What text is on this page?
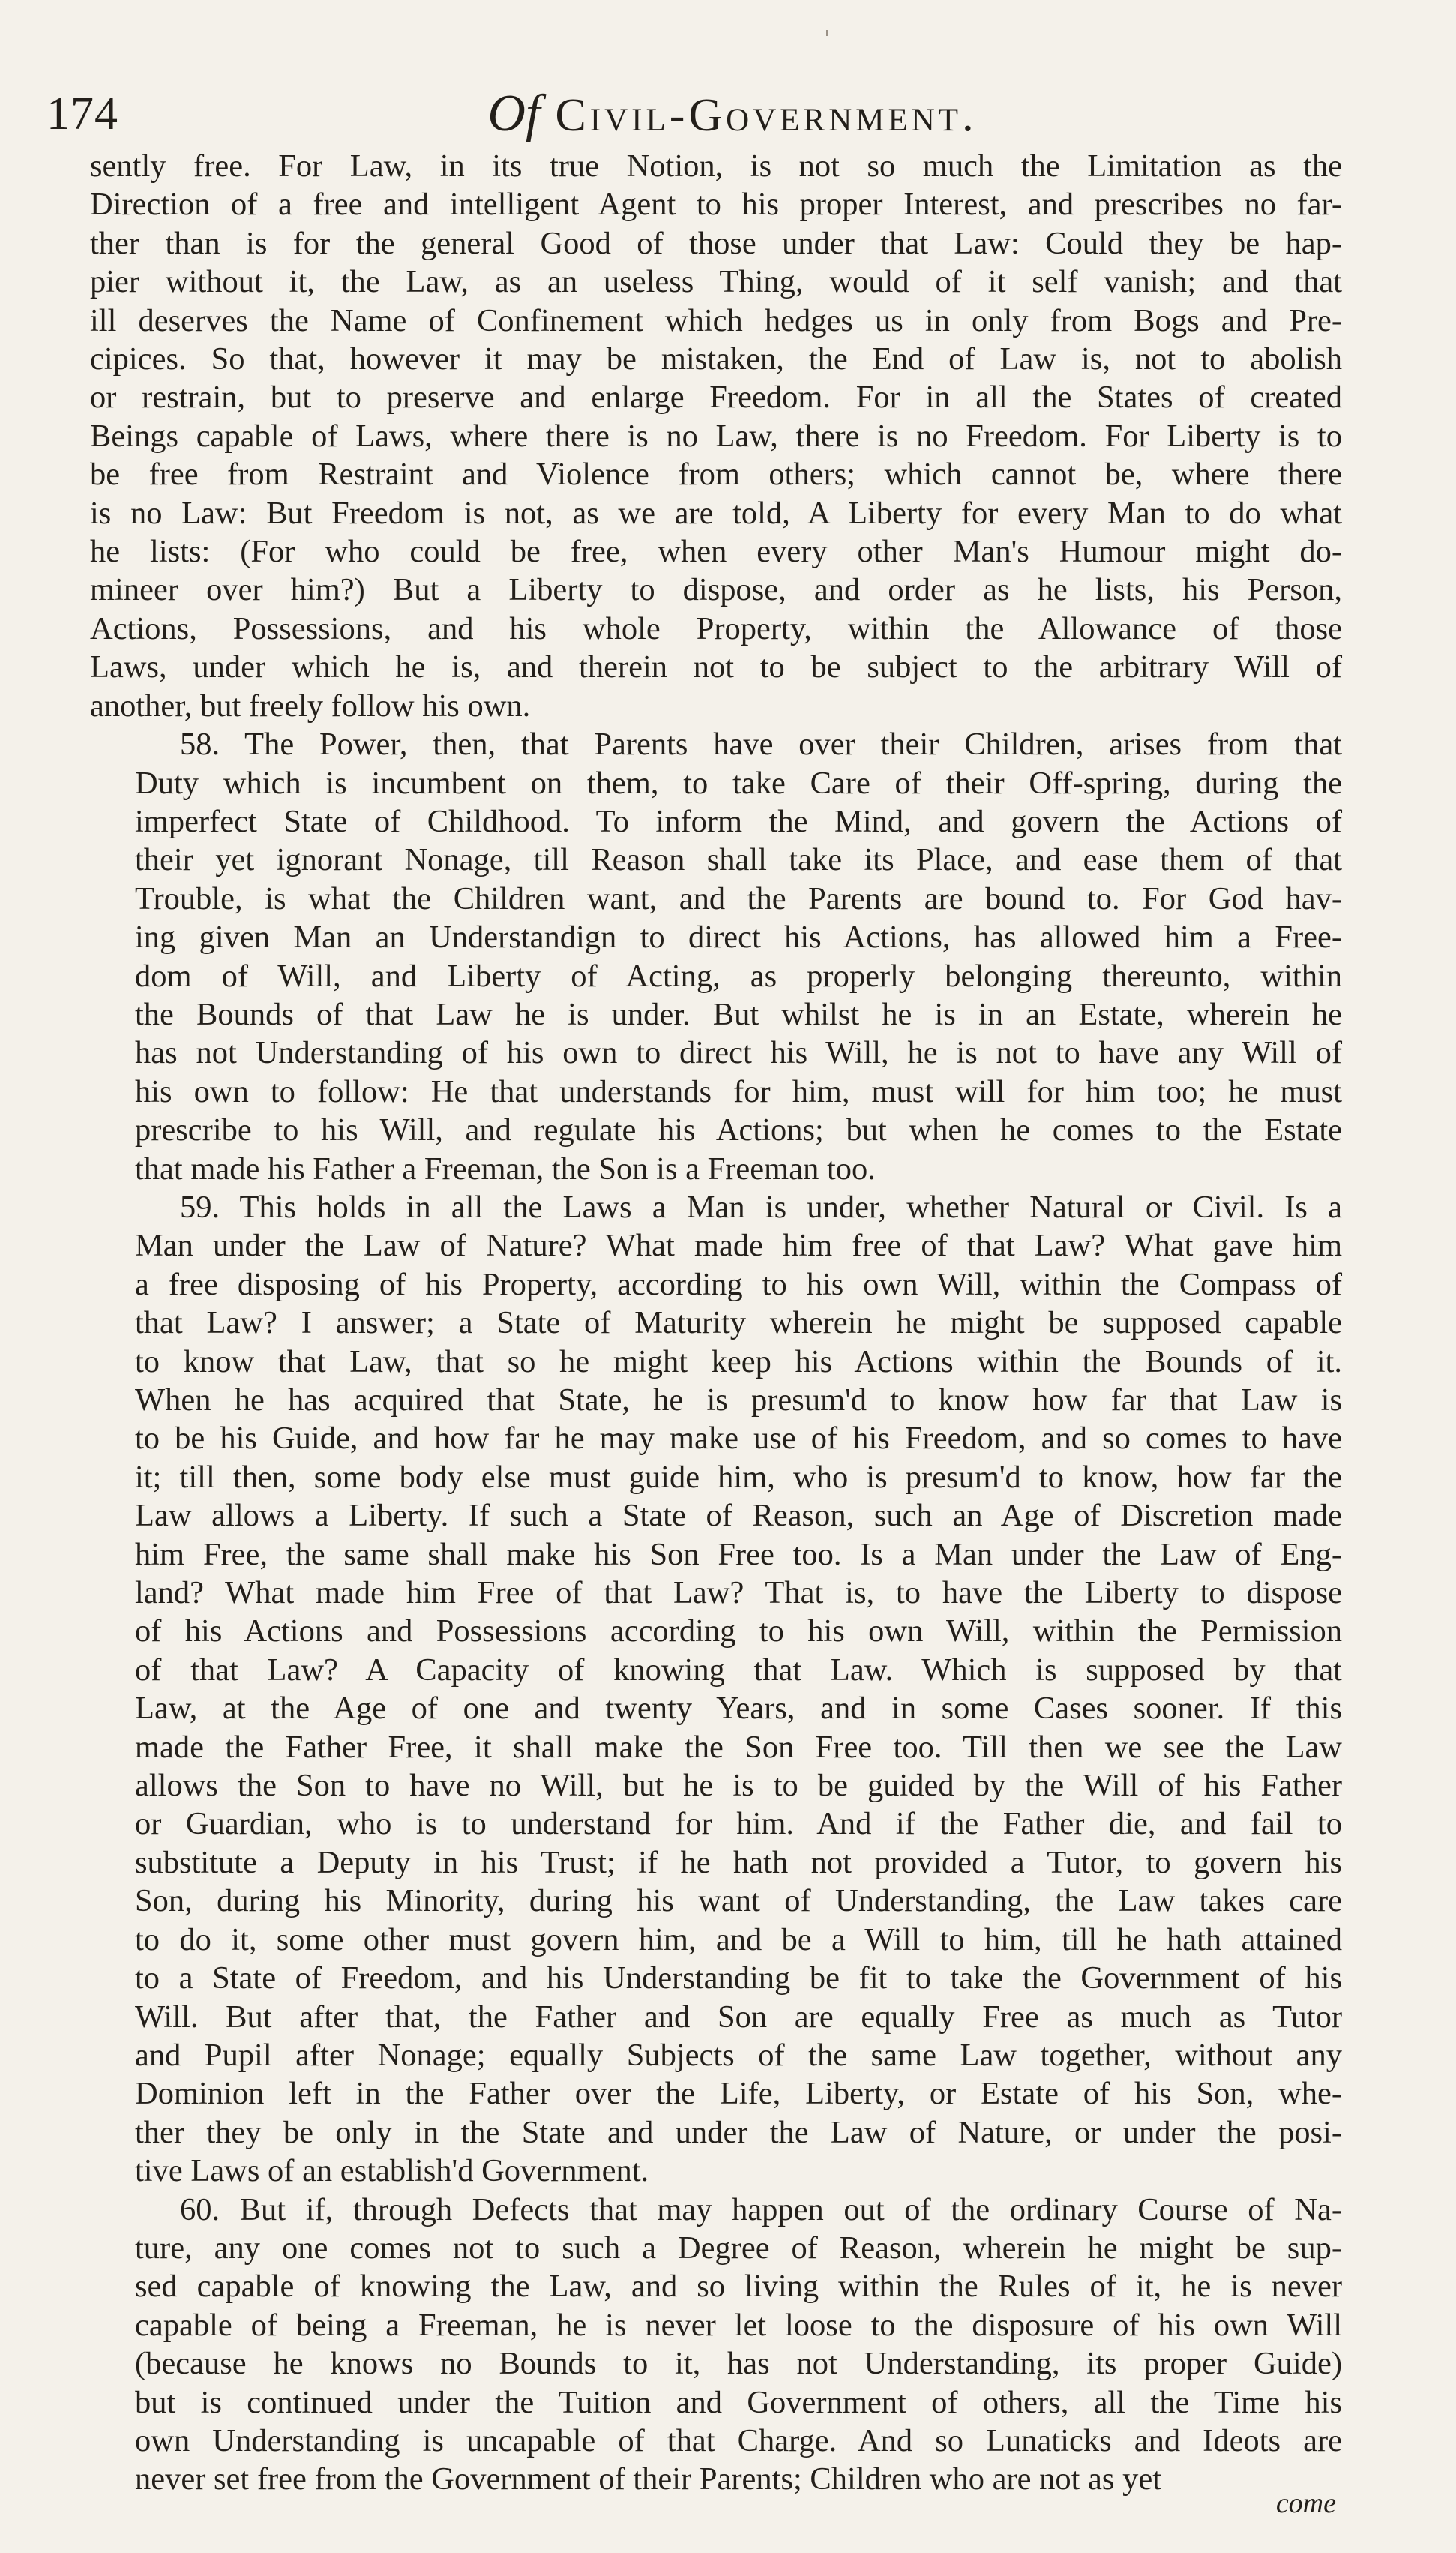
174	Of Civil-Government.

sently free. For Law, in its true Notion, is not so much the Limitation as the
Direction of a free and intelligent Agent to his proper Interest, and prescribes no far-
ther than is for the general Good of those under that Law: Could they be hap-
pier without it, the Law, as an useless Thing, would of it self vanish; and that
ill deserves the Name of Confinement which hedges us in only from Bogs and Pre-
cipices. So that, however it may be mistaken, the End of Law is, not to abolish
or restrain, but to preserve and enlarge Freedom. For in all the States of created
Beings capable of Laws, where there is no Law, there is no Freedom. For Liberty is to
be free from Restraint and Violence from others; which cannot be, where there
is no Law: But Freedom is not, as we are told, A Liberty for every Man to do what
he lists: (For who could be free, when every other Man's Humour might do-
mineer over him?) But a Liberty to dispose, and order as he lists, his Person,
Actions, Possessions, and his whole Property, within the Allowance of those
Laws, under which he is, and therein not to be subject to the arbitrary Will of
another, but freely follow his own.

58. The Power, then, that Parents have over their Children, arises from that
Duty which is incumbent on them, to take Care of their Off-spring, during the
imperfect State of Childhood. To inform the Mind, and govern the Actions of
their yet ignorant Nonage, till Reason shall take its Place, and ease them of that
Trouble, is what the Children want, and the Parents are bound to. For God hav-
ing given Man an Understandign to direct his Actions, has allowed him a Free-
dom of Will, and Liberty of Acting, as properly belonging thereunto, within
the Bounds of that Law he is under. But whilst he is in an Estate, wherein he
has not Understanding of his own to direct his Will, he is not to have any Will of
his own to follow: He that understands for him, must will for him too; he must
prescribe to his Will, and regulate his Actions; but when he comes to the Estate
that made his Father a Freeman, the Son is a Freeman too.

59. This holds in all the Laws a Man is under, whether Natural or Civil. Is a
Man under the Law of Nature? What made him free of that Law? What gave him
a free disposing of his Property, according to his own Will, within the Compass of
that Law? I answer; a State of Maturity wherein he might be supposed capable
to know that Law, that so he might keep his Actions within the Bounds of it.
When he has acquired that State, he is presum'd to know how far that Law is
to be his Guide, and how far he may make use of his Freedom, and so comes to have
it; till then, some body else must guide him, who is presum'd to know, how far the
Law allows a Liberty. If such a State of Reason, such an Age of Discretion made
him Free, the same shall make his Son Free too. Is a Man under the Law of Eng-
land? What made him Free of that Law? That is, to have the Liberty to dispose
of his Actions and Possessions according to his own Will, within the Permission
of that Law? A Capacity of knowing that Law. Which is supposed by that
Law, at the Age of one and twenty Years, and in some Cases sooner. If this
made the Father Free, it shall make the Son Free too. Till then we see the Law
allows the Son to have no Will, but he is to be guided by the Will of his Father
or Guardian, who is to understand for him. And if the Father die, and fail to
substitute a Deputy in his Trust; if he hath not provided a Tutor, to govern his
Son, during his Minority, during his want of Understanding, the Law takes care
to do it, some other must govern him, and be a Will to him, till he hath attained
to a State of Freedom, and his Understanding be fit to take the Government of his
Will. But after that, the Father and Son are equally Free as much as Tutor
and Pupil after Nonage; equally Subjects of the same Law together, without any
Dominion left in the Father over the Life, Liberty, or Estate of his Son, whe-
ther they be only in the State and under the Law of Nature, or under the posi-
tive Laws of an establish'd Government.

60. But if, through Defects that may happen out of the ordinary Course of Na-
ture, any one comes not to such a Degree of Reason, wherein he might be sup-
sed capable of knowing the Law, and so living within the Rules of it, he is never
capable of being a Freeman, he is never let loose to the disposure of his own Will
(because he knows no Bounds to it, has not Understanding, its proper Guide)
but is continued under the Tuition and Government of others, all the Time his
own Understanding is uncapable of that Charge. And so Lunaticks and Ideots are
never set free from the Government of their Parents; Children who are not as yet

come
